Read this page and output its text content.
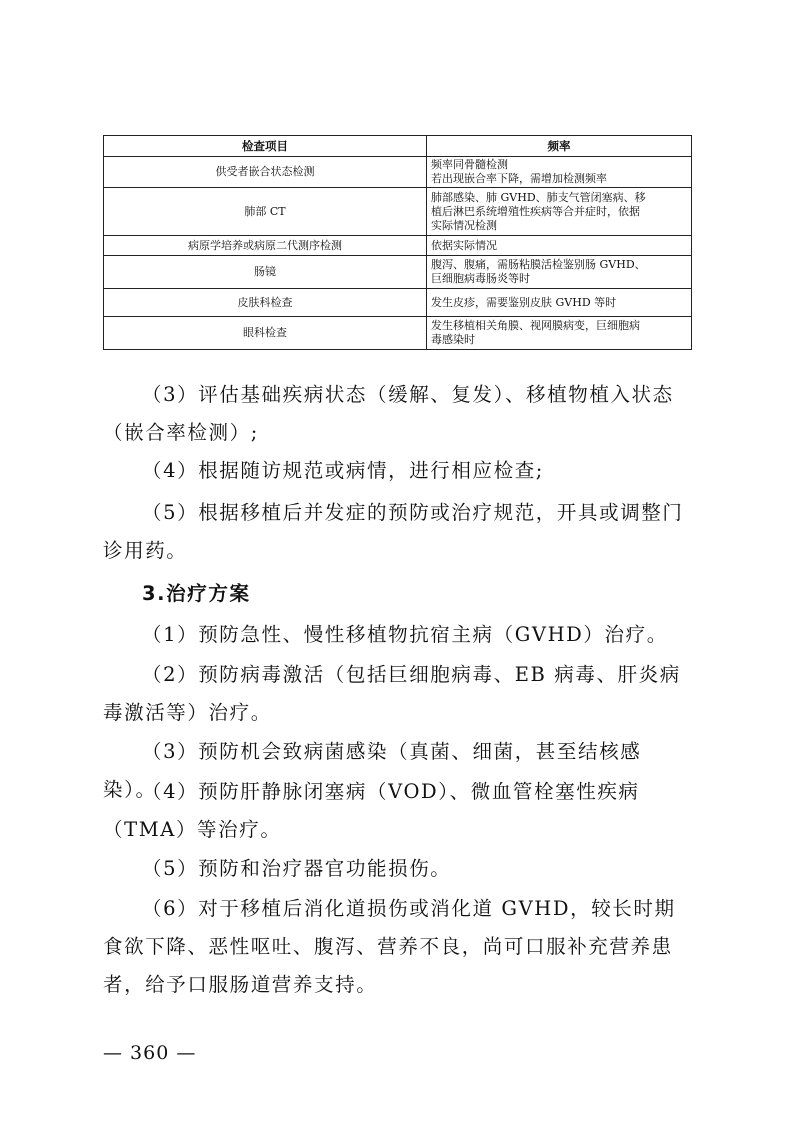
检查项目	频率
供受者嵌合状态检测	频率同骨髓检测
若出现嵌合率下降，需增加检测频率

肺部 CT	肺部感染、肺 GVHD、肺支气管闭塞病、移
植后淋巴系统增殖性疾病等合并症时，依据
实际情况检测

病原学培养或病原二代测序检测	依据实际情况

肠镜	腹泻、腹痛，需肠粘膜活检鉴别肠 GVHD、
巨细胞病毒肠炎等时

皮肤科检查	发生皮疹，需要鉴别皮肤 GVHD 等时

眼科检查	发生移植相关角膜、视网膜病变，巨细胞病
毒感染时

（3）评估基础疾病状态（缓解、复发）、移植物植入状态（嵌合率检测）;

（4）根据随访规范或病情，进行相应检查;

（5）根据移植后并发症的预防或治疗规范，开具或调整门诊用药。

3.治疗方案

（1）预防急性、慢性移植物抗宿主病（GVHD）治疗。

（2）预防病毒激活（包括巨细胞病毒、EB 病毒、肝炎病毒激活等）治疗。

（3）预防机会致病菌感染（真菌、细菌，甚至结核感染）。

（4）预防肝静脉闭塞病（VOD）、微血管栓塞性疾病（TMA）等治疗。

（5）预防和治疗器官功能损伤。

（6）对于移植后消化道损伤或消化道 GVHD，较长时期食欲下降、恶性呕吐、腹泻、营养不良，尚可口服补充营养患者，给予口服肠道营养支持。

— 360 —
